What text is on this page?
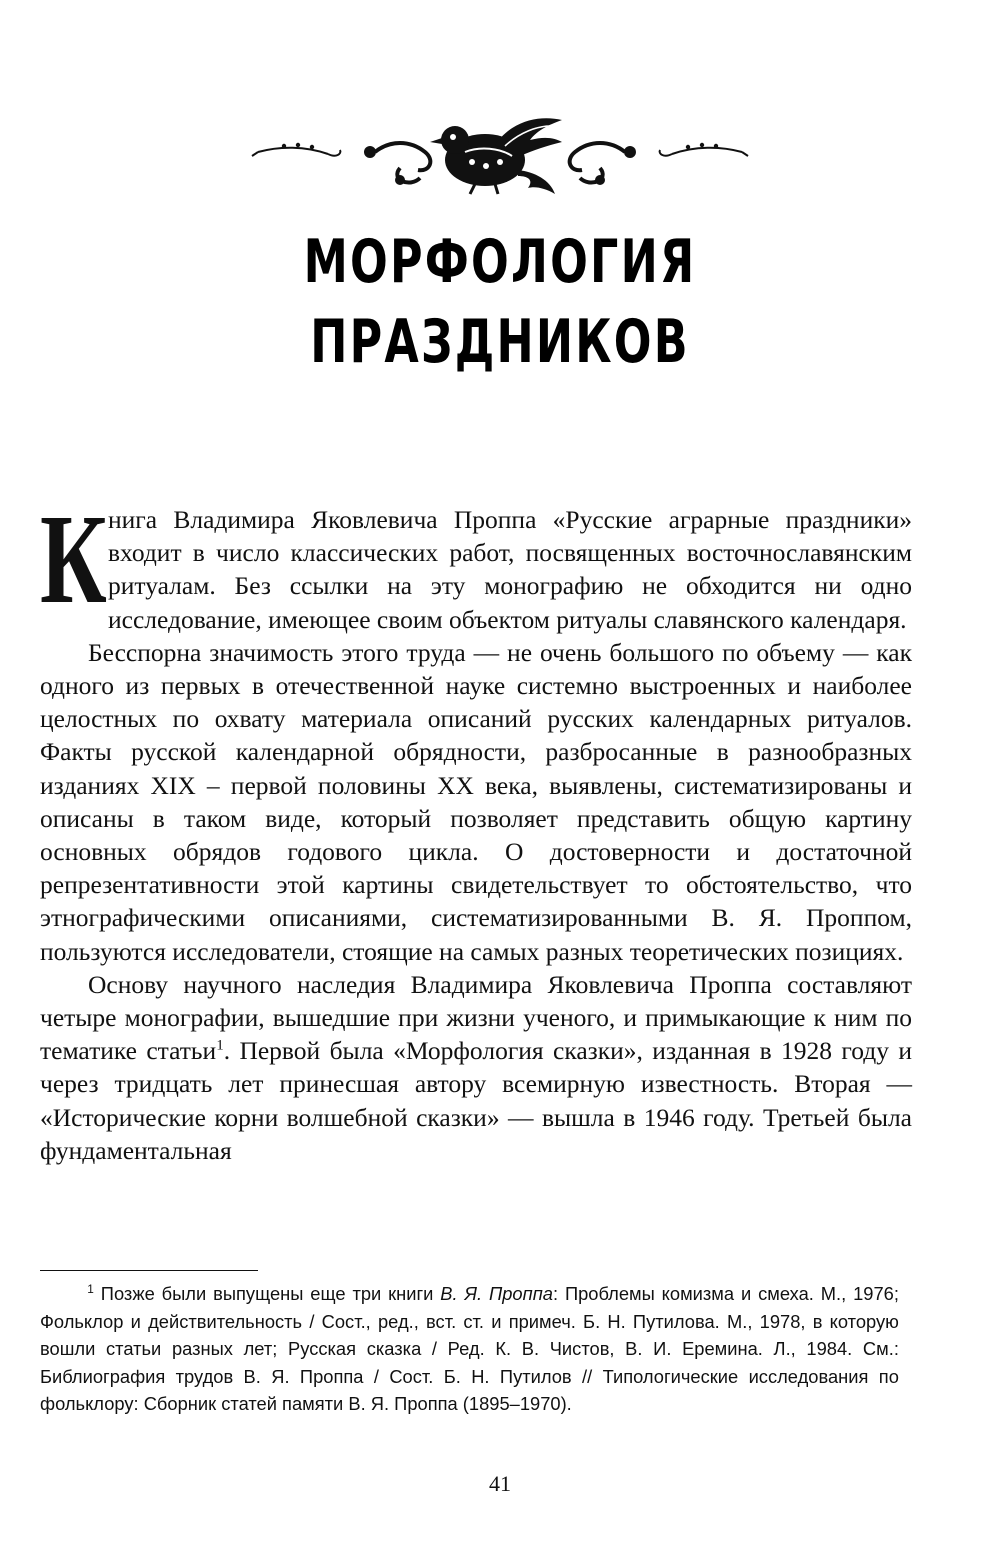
МОРФОЛОГИЯ ПРАЗДНИКОВ

Книга Владимира Яковлевича Проппа «Русские аграрные праздники» входит в число классических работ, посвященных восточнославянским ритуалам. Без ссылки на эту монографию не обходится ни одно исследование, имеющее своим объектом ритуалы славянского календаря.

Бесспорна значимость этого труда — не очень большого по объему — как одного из первых в отечественной науке системно выстроенных и наиболее целостных по охвату материала описаний русских календарных ритуалов. Факты русской календарной обрядности, разбросанные в разнообразных изданиях XIX – первой половины XX века, выявлены, систематизированы и описаны в таком виде, который позволяет представить общую картину основных обрядов годового цикла. О достоверности и достаточной репрезентативности этой картины свидетельствует то обстоятельство, что этнографическими описаниями, систематизированными В. Я. Проппом, пользуются исследователи, стоящие на самых разных теоретических позициях.

Основу научного наследия Владимира Яковлевича Проппа составляют четыре монографии, вышедшие при жизни ученого, и примыкающие к ним по тематике статьи$^1$. Первой была «Морфология сказки», изданная в 1928 году и через тридцать лет принесшая автору всемирную известность. Вторая — «Исторические корни волшебной сказки» — вышла в 1946 году. Третьей была фундаментальная

$^1$ Позже были выпущены еще три книги В. Я. Проппа: Проблемы комизма и смеха. М., 1976; Фольклор и действительность / Сост., ред., вст. ст. и примеч. Б. Н. Путилова. М., 1978, в которую вошли статьи разных лет; Русская сказка / Ред. К. В. Чистов, В. И. Еремина. Л., 1984. См.: Библиография трудов В. Я. Проппа / Сост. Б. Н. Путилов // Типологические исследования по фольклору: Сборник статей памяти В. Я. Проппа (1895–1970).

41
